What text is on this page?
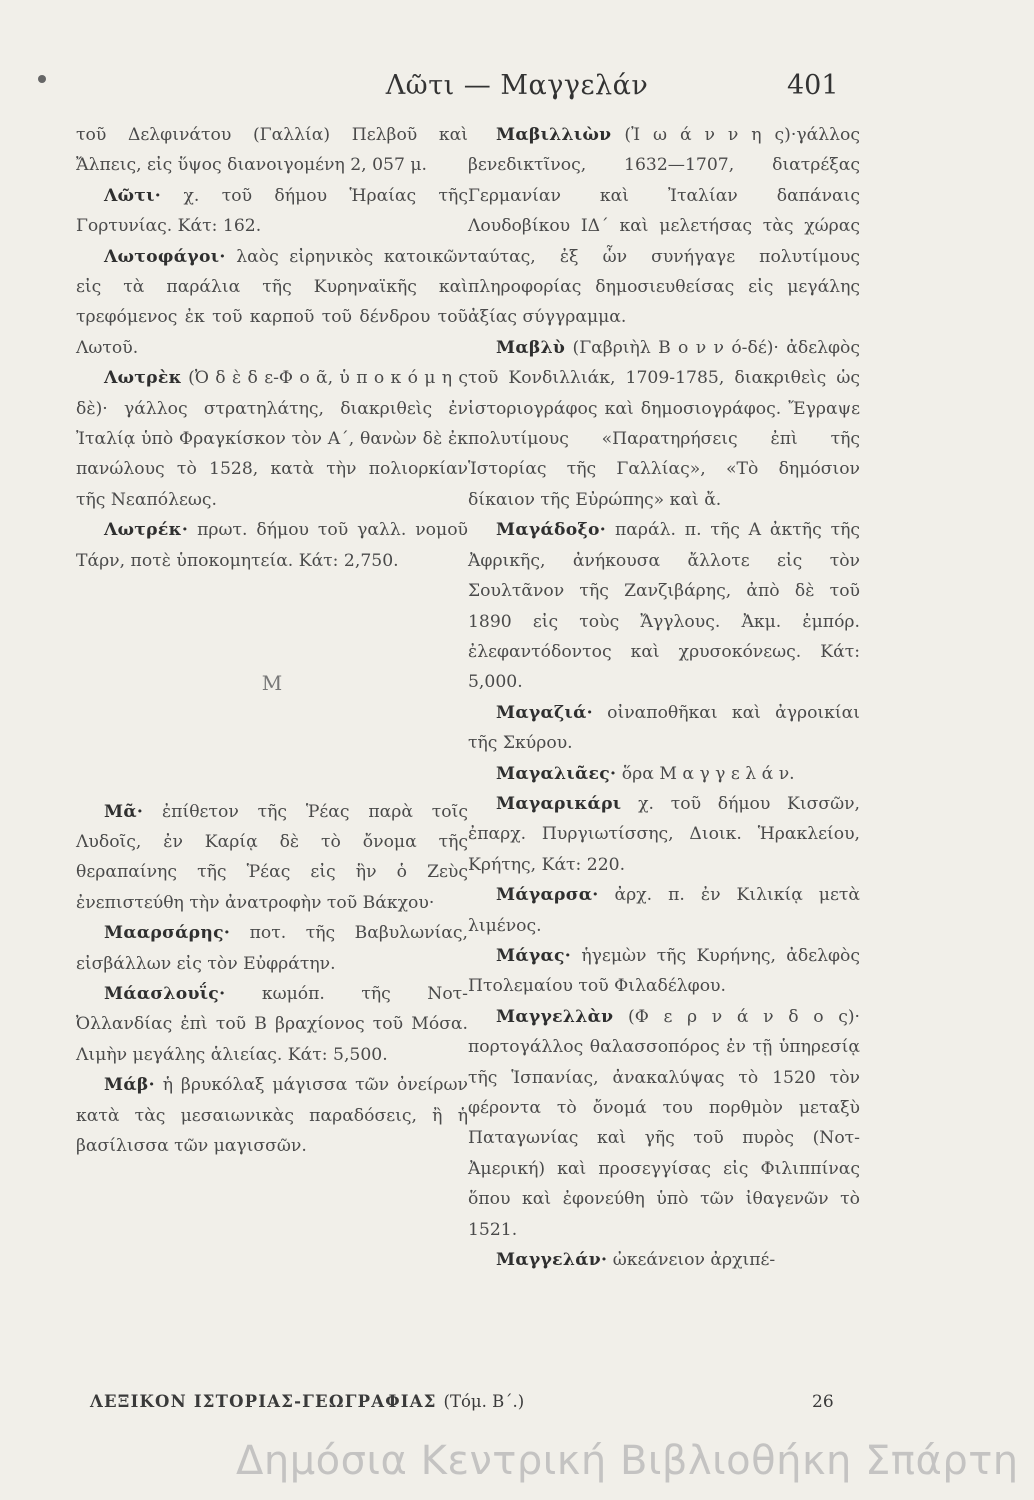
Λῶτι — Μαγγελάν	401

τοῦ Δελφινάτου (Γαλλία) Πελβοῦ καὶ Ἄλπεις, εἰς ὕψος διανοιγομένη 2, 057 μ.

Λῶτι· χ. τοῦ δήμου Ἡραίας τῆς Γορτυνίας. Κάτ: 162.

Λωτοφάγοι· λαὸς εἰρηνικὸς κατοικῶν εἰς τὰ παράλια τῆς Κυρηναϊκῆς καὶ τρεφόμενος ἐκ τοῦ καρποῦ τοῦ δένδρου τοῦ Λωτοῦ.

Λωτρὲκ (Ὀ δ ὲ δ ε-Φ ο ᾶ, ὑ π ο κ ό μ η ς δὲ)· γάλλος στρατηλάτης, διακριθεὶς ἐν Ἰταλίᾳ ὑπὸ Φραγκίσκον τὸν Α΄, θανὼν δὲ ἐκ πανώλους τὸ 1528, κατὰ τὴν πολιορκίαν τῆς Νεαπόλεως.

Λωτρέκ· πρωτ. δήμου τοῦ γαλλ. νομοῦ Τάρν, ποτὲ ὑποκομητεία. Κάτ: 2,750.

Μ

Μᾶ· ἐπίθετον τῆς Ῥέας παρὰ τοῖς Λυδοῖς, ἐν Καρίᾳ δὲ τὸ ὄνομα τῆς θεραπαίνης τῆς Ῥέας εἰς ἣν ὁ Ζεὺς ἐνεπιστεύθη τὴν ἀνατροφὴν τοῦ Βάκχου·

Μααρσάρης· ποτ. τῆς Βαβυλωνίας, εἰσβάλλων εἰς τὸν Εὐφράτην.

Μάασλουΐς· κωμόπ. τῆς Νοτ-Ὀλλανδίας ἐπὶ τοῦ Β βραχίονος τοῦ Μόσα. Λιμὴν μεγάλης ἁλιείας. Κάτ: 5,500.

Μάβ· ἡ βρυκόλαξ μάγισσα τῶν ὀνείρων κατὰ τὰς μεσαιωνικὰς παραδόσεις, ἢ ἡ βασίλισσα τῶν μαγισσῶν.

Μαβιλλιὼν (Ἰ ω ά ν ν η ς)·γάλλος βενεδικτῖνος, 1632—1707, διατρέξας Γερμανίαν καὶ Ἰταλίαν δαπάναις Λουδοβίκου ΙΔ΄ καὶ μελετήσας τὰς χώρας ταύτας, ἐξ ὧν συνήγαγε πολυτίμους πληροφορίας δημοσιευθείσας εἰς μεγάλης ἀξίας σύγγραμμα.

Μαβλὺ (Γαβριὴλ Β ο ν ν ό-δέ)· ἀδελφὸς τοῦ Κονδιλλιάκ, 1709-1785, διακριθεὶς ὡς ἱστοριογράφος καὶ δημοσιογράφος. Ἔγραψε πολυτίμους «Παρατηρήσεις ἐπὶ τῆς Ἱστορίας τῆς Γαλλίας», «Τὸ δημόσιον δίκαιον τῆς Εὐρώπης» καὶ ἄ.

Μαγάδοξο· παράλ. π. τῆς Α ἀκτῆς τῆς Ἀφρικῆς, ἀνήκουσα ἄλλοτε εἰς τὸν Σουλτᾶνον τῆς Ζανζιβάρης, ἀπὸ δὲ τοῦ 1890 εἰς τοὺς Ἄγγλους. Ἀκμ. ἐμπόρ. ἐλεφαντόδοντος καὶ χρυσοκόνεως. Κάτ: 5,000.

Μαγαζιά· οἰναποθῆκαι καὶ ἀγροικίαι τῆς Σκύρου.

Μαγαλιᾶες· ὅρα Μ α γ γ ε λ ά ν.

Μαγαρικάρι χ. τοῦ δήμου Κισσῶν, ἐπαρχ. Πυργιωτίσσης, Διοικ. Ἡρακλείου, Κρήτης, Κάτ: 220.

Μάγαρσα· ἀρχ. π. ἐν Κιλικίᾳ μετὰ λιμένος.

Μάγας· ἡγεμὼν τῆς Κυρήνης, ἀδελφὸς Πτολεμαίου τοῦ Φιλαδέλφου.

Μαγγελλὰν (Φ ε ρ ν ά ν δ ο ς)· πορτογάλλος θαλασσοπόρος ἐν τῇ ὑπηρεσίᾳ τῆς Ἱσπανίας, ἀνακαλύψας τὸ 1520 τὸν φέροντα τὸ ὄνομά του πορθμὸν μεταξὺ Παταγωνίας καὶ γῆς τοῦ πυρὸς (Νοτ-Ἀμερική) καὶ προσεγγίσας εἰς Φιλιππίνας ὅπου καὶ ἐφονεύθη ὑπὸ τῶν ἰθαγενῶν τὸ 1521.

Μαγγελάν· ὠκεάνειον ἀρχιπέ-

ΛΕΞΙΚΟΝ ΙΣΤΟΡΙΑΣ-ΓΕΩΓΡΑΦΙΑΣ (Τόμ. Β΄.)	26
Δημόσια Κεντρική Βιβλιοθήκη Σπάρτη
